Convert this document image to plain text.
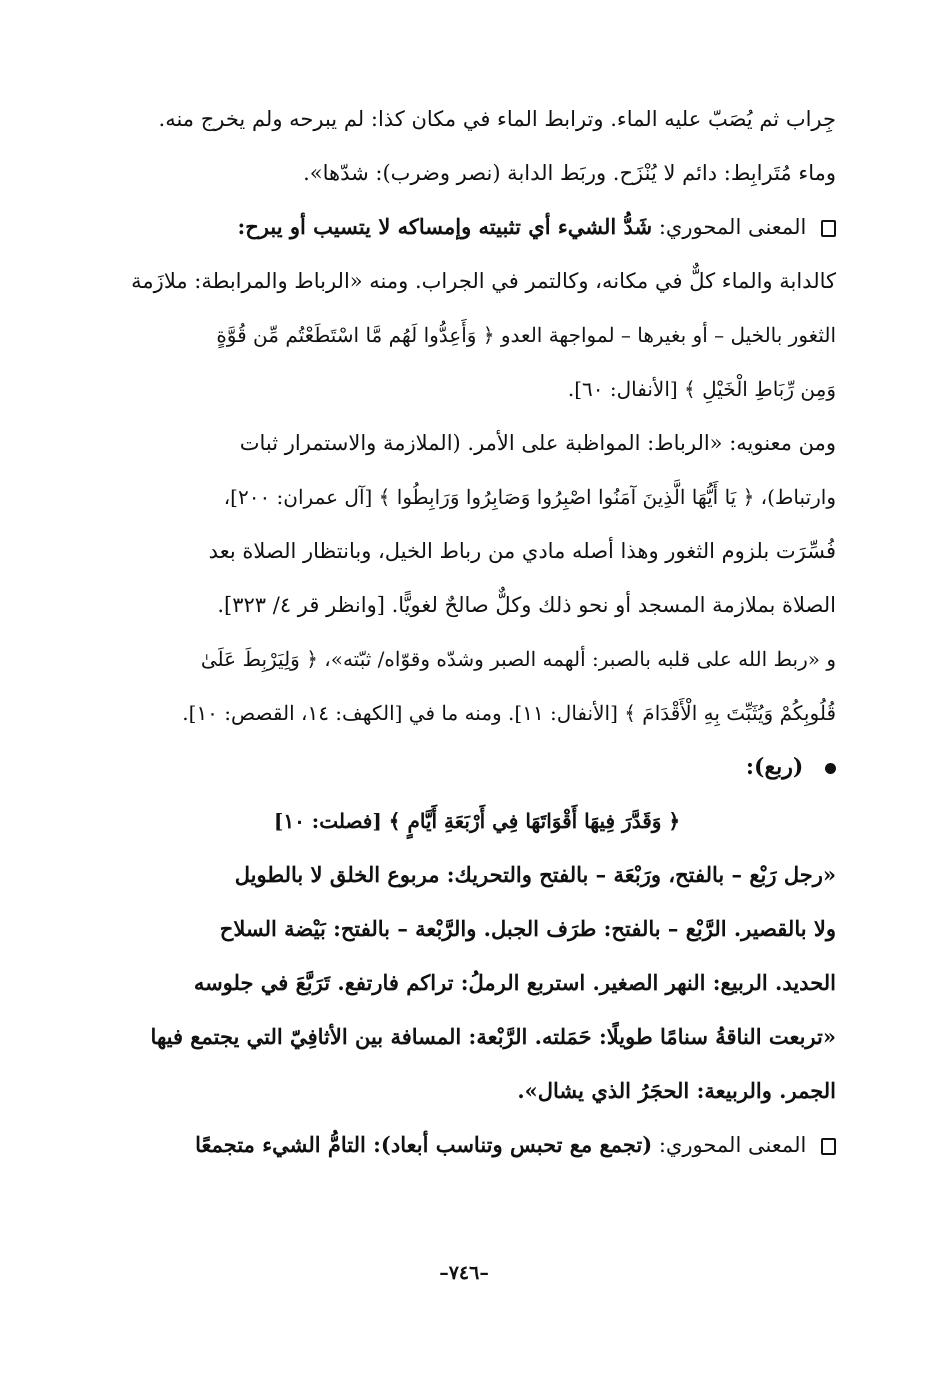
جِراب ثم يُصَبّ عليه الماء. وترابط الماء في مكان كذا: لم يبرحه ولم يخرج منه.
وماء مُتَرابِط: دائم لا يُنْزَح. وربَط الدابة (نصر وضرب): شدّها».
المعنى المحوري: شَدُّ الشيء أي تثبيته وإمساكه لا يتسيب أو يبرح:
كالدابة والماء كلٌّ في مكانه، وكالتمر في الجراب. ومنه «الرباط والمرابطة: ملازَمة
الثغور بالخيل – أو بغيرها – لمواجهة العدو ﴿ وَأَعِدُّوا لَهُم مَّا اسْتَطَعْتُم مِّن قُوَّةٍ
وَمِن رِّبَاطِ الْخَيْلِ ﴾ [الأنفال: ٦٠].
ومن معنويه: «الرباط: المواظبة على الأمر. (الملازمة والاستمرار ثبات
وارتباط)، ﴿ يَا أَيُّهَا الَّذِينَ آمَنُوا اصْبِرُوا وَصَابِرُوا وَرَابِطُوا ﴾ [آل عمران: ٢٠٠]،
فُسِّرَت بلزوم الثغور وهذا أصله مادي من رباط الخيل، وبانتظار الصلاة بعد
الصلاة بملازمة المسجد أو نحو ذلك وكلٌّ صالحٌ لغويًّا. [وانظر قر ٤/ ٣٢٣].
و «ربط الله على قلبه بالصبر: ألهمه الصبر وشدّه وقوّاه/ ثبّته»، ﴿ وَلِيَرْبِطَ عَلَىٰ
قُلُوبِكُمْ وَيُثَبِّتَ بِهِ الْأَقْدَامَ ﴾ [الأنفال: ١١]. ومنه ما في [الكهف: ١٤، القصص: ١٠].
(ربع):
﴿ وَقَدَّرَ فِيهَا أَقْوَاتَهَا فِي أَرْبَعَةِ أَيَّامٍ ﴾ [فصلت: ١٠]
«رجل رَبْع – بالفتح، ورَبْعَة – بالفتح والتحريك: مربوع الخلق لا بالطويل
ولا بالقصير. الرَّبْع – بالفتح: طرَف الجبل. والرَّبْعة – بالفتح: بَيْضة السلاح
الحديد. الربيع: النهر الصغير. استربع الرملُ: تراكم فارتفع. تَرَبَّعَ في جلوسه
«تربعت الناقةُ سنامًا طويلًا: حَمَلته. الرَّبْعة: المسافة بين الأثافِيّ التي يجتمع فيها
الجمر. والربيعة: الحجَرُ الذي يشال».
المعنى المحوري: (تجمع مع تحبس وتناسب أبعاد): التامُّ الشيء متجمعًا
–٧٤٦–
